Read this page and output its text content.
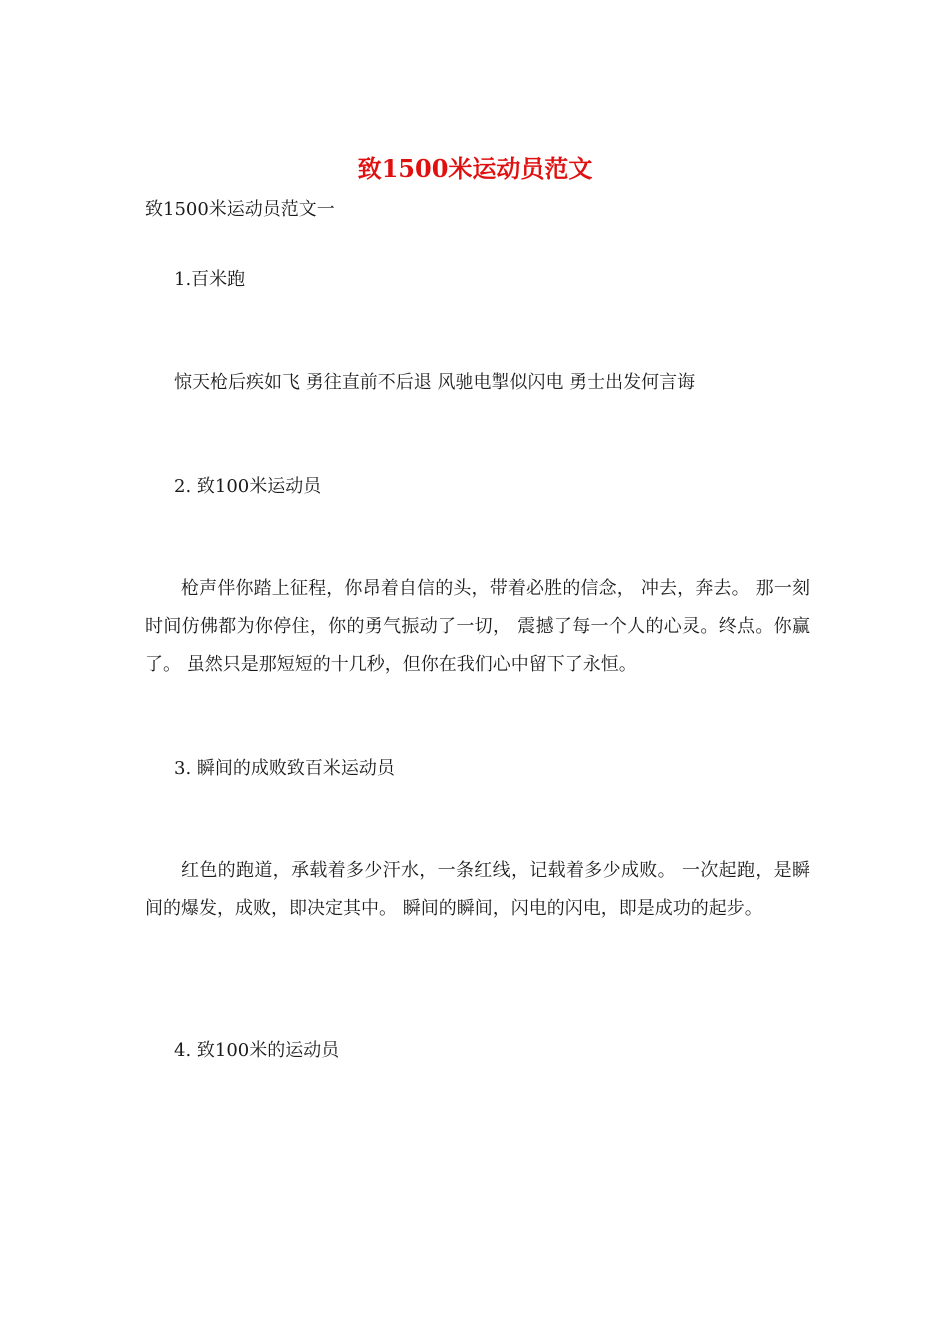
致1500米运动员范文

致1500米运动员范文一

1.百米跑

惊天枪后疾如飞 勇往直前不后退 风驰电掣似闪电 勇士出发何言诲

2. 致100米运动员

枪声伴你踏上征程，你昂着自信的头，带着必胜的信念， 冲去，奔去。 那一刻时间仿佛都为你停住，你的勇气振动了一切， 震撼了每一个人的心灵。终点。你赢了。 虽然只是那短短的十几秒，但你在我们心中留下了永恒。

3. 瞬间的成败致百米运动员

红色的跑道，承载着多少汗水，一条红线，记载着多少成败。 一次起跑，是瞬间的爆发，成败，即决定其中。 瞬间的瞬间，闪电的闪电，即是成功的起步。

4. 致100米的运动员
